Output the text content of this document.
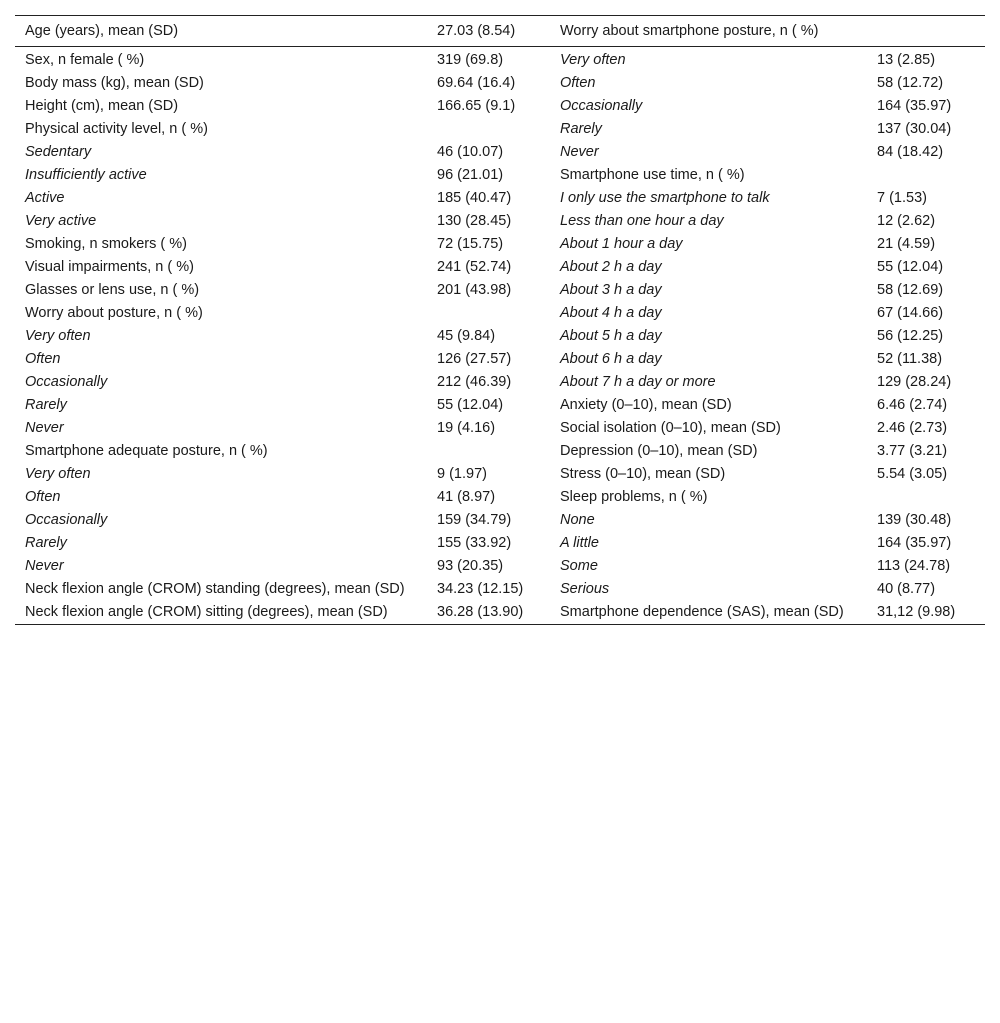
Age (years), mean (SD)	27.03 (8.54)	Worry about smartphone posture, n ( %)	
Sex, n female ( %)	319 (69.8)	Very often	13 (2.85)
Body mass (kg), mean (SD)	69.64 (16.4)	Often	58 (12.72)
Height (cm), mean (SD)	166.65 (9.1)	Occasionally	164 (35.97)
Physical activity level, n ( %)		Rarely	137 (30.04)
Sedentary	46 (10.07)	Never	84 (18.42)
Insufficiently active	96 (21.01)	Smartphone use time, n ( %)	
Active	185 (40.47)	I only use the smartphone to talk	7 (1.53)
Very active	130 (28.45)	Less than one hour a day	12 (2.62)
Smoking, n smokers ( %)	72 (15.75)	About 1 hour a day	21 (4.59)
Visual impairments, n ( %)	241 (52.74)	About 2 h a day	55 (12.04)
Glasses or lens use, n ( %)	201 (43.98)	About 3 h a day	58 (12.69)
Worry about posture, n ( %)		About 4 h a day	67 (14.66)
Very often	45 (9.84)	About 5 h a day	56 (12.25)
Often	126 (27.57)	About 6 h a day	52 (11.38)
Occasionally	212 (46.39)	About 7 h a day or more	129 (28.24)
Rarely	55 (12.04)	Anxiety (0–10), mean (SD)	6.46 (2.74)
Never	19 (4.16)	Social isolation (0–10), mean (SD)	2.46 (2.73)
Smartphone adequate posture, n ( %)		Depression (0–10), mean (SD)	3.77 (3.21)
Very often	9 (1.97)	Stress (0–10), mean (SD)	5.54 (3.05)
Often	41 (8.97)	Sleep problems, n ( %)	
Occasionally	159 (34.79)	None	139 (30.48)
Rarely	155 (33.92)	A little	164 (35.97)
Never	93 (20.35)	Some	113 (24.78)
Neck flexion angle (CROM) standing (degrees), mean (SD)	34.23 (12.15)	Serious	40 (8.77)
Neck flexion angle (CROM) sitting (degrees), mean (SD)	36.28 (13.90)	Smartphone dependence (SAS), mean (SD)	31,12 (9.98)
